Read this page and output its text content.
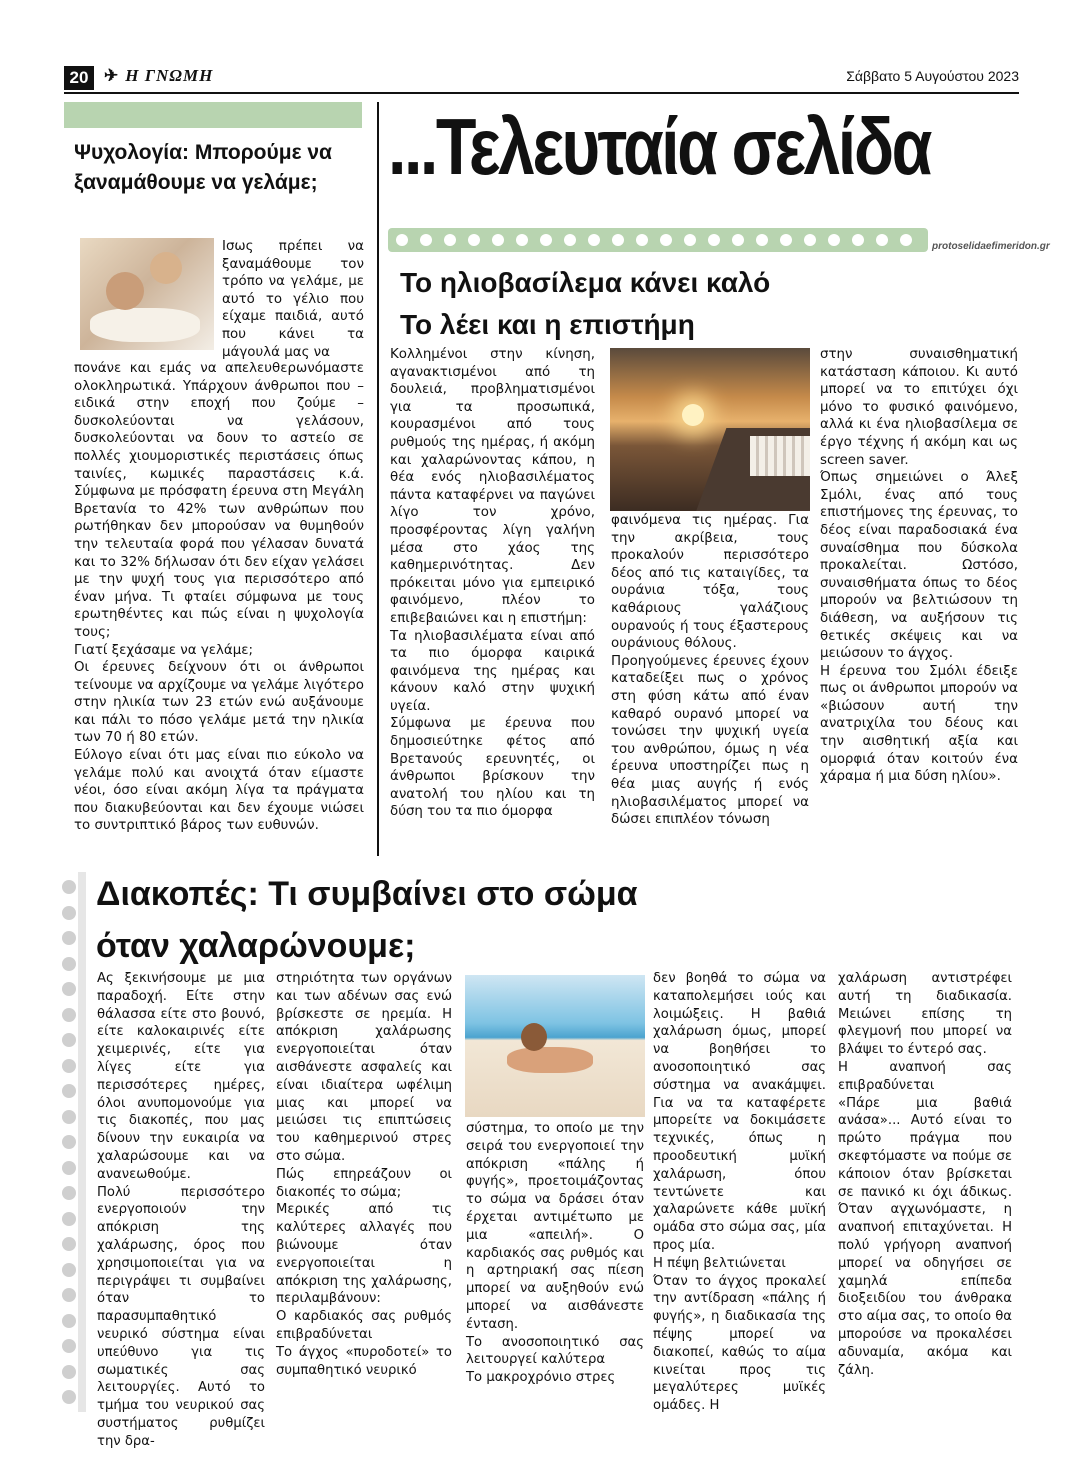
20 ✈ Η ΓΝΩΜΗ	Σάββατο 5 Αυγούστου 2023
Ψυχολογία: Μπορούμε να ξαναμάθουμε να γελάμε;
Ισως πρέπει να ξαναμάθουμε τον τρόπο να γελάμε, με αυτό το γέλιο που είχαμε παιδιά, αυτό που κάνει τα μάγουλά μας να

πονάνε και εμάς να απελευθερωνόμαστε ολοκληρωτικά. Υπάρχουν άνθρωποι που – ειδικά στην εποχή που ζούμε – δυσκολεύονται να γελάσουν, δυσκολεύονται να δουν το αστείο σε πολλές χιουμοριστικές περιστάσεις όπως ταινίες, κωμικές παραστάσεις κ.ά. Σύμφωνα με πρόσφατη έρευνα στη Μεγάλη Βρετανία το 42% των ανθρώπων που ρωτήθηκαν δεν μπορούσαν να θυμηθούν την τελευταία φορά που γέλασαν δυνατά και το 32% δήλωσαν ότι δεν είχαν γελάσει με την ψυχή τους για περισσότερο από έναν μήνα. Τι φταίει σύμφωνα με τους ερωτηθέντες και πώς είναι η ψυχολογία τους;

Γιατί ξεχάσαμε να γελάμε;

Οι έρευνες δείχνουν ότι οι άνθρωποι τείνουμε να αρχίζουμε να γελάμε λιγότερο στην ηλικία των 23 ετών ενώ αυξάνουμε και πάλι το πόσο γελάμε μετά την ηλικία των 70 ή 80 ετών.

Εύλογο είναι ότι μας είναι πιο εύκολο να γελάμε πολύ και ανοιχτά όταν είμαστε νέοι, όσο είναι ακόμη λίγα τα πράγματα που διακυβεύονται και δεν έχουμε νιώσει το συντριπτικό βάρος των ευθυνών.

...Τελευταία σελίδα
protoselidaefimeridon.gr
Το ηλιοβασίλεμα κάνει καλό
Το λέει και η επιστήμη

Κολλημένοι στην κίνηση, αγανακτισμένοι από τη δουλειά, προβληματισμένοι για τα προσωπικά, κουρασμένοι από τους ρυθμούς της ημέρας, ή ακόμη και χαλαρώνοντας κάπου, η θέα ενός ηλιοβασιλέματος πάντα καταφέρνει να παγώνει λίγο τον χρόνο, προσφέροντας λίγη γαλήνη μέσα στο χάος της καθημερινότητας. Δεν πρόκειται μόνο για εμπειρικό φαινόμενο, πλέον το επιβεβαιώνει και η επιστήμη:

Τα ηλιοβασιλέματα είναι από τα πιο όμορφα καιρικά φαινόμενα της ημέρας και κάνουν καλό στην ψυχική υγεία.

Σύμφωνα με έρευνα που δημοσιεύτηκε φέτος από Βρετανούς ερευνητές, οι άνθρωποι βρίσκουν την ανατολή του ηλίου και τη δύση του τα πιο όμορφα

φαινόμενα τις ημέρας. Για την ακρίβεια, τους προκαλούν περισσότερο δέος από τις καταιγίδες, τα ουράνια τόξα, τους καθάριους γαλάζιους ουρανούς ή τους έξαστερους ουράνιους θόλους.

Προηγούμενες έρευνες έχουν καταδείξει πως ο χρόνος στη φύση κάτω από έναν καθαρό ουρανό μπορεί να τονώσει την ψυχική υγεία του ανθρώπου, όμως η νέα έρευνα υποστηρίζει πως η θέα μιας αυγής ή ενός ηλιοβασιλέματος μπορεί να δώσει επιπλέον τόνωση

στην συναισθηματική κατάσταση κάποιου. Κι αυτό μπορεί να το επιτύχει όχι μόνο το φυσικό φαινόμενο, αλλά κι ένα ηλιοβασίλεμα σε έργο τέχνης ή ακόμη και ως screen saver.

Όπως σημειώνει ο Άλεξ Σμόλι, ένας από τους επιστήμονες της έρευνας, το δέος είναι παραδοσιακά ένα συναίσθημα που δύσκολα προκαλείται. Ωστόσο, συναισθήματα όπως το δέος μπορούν να βελτιώσουν τη διάθεση, να αυξήσουν τις θετικές σκέψεις και να μειώσουν το άγχος.

Η έρευνα του Σμόλι έδειξε πως οι άνθρωποι μπορούν να «βιώσουν αυτή την ανατριχίλα του δέους και την αισθητική αξία και ομορφιά όταν κοιτούν ένα χάραμα ή μια δύση ηλίου».

Διακοπές: Τι συμβαίνει στο σώμα
όταν χαλαρώνουμε;

Ας ξεκινήσουμε με μια παραδοχή. Είτε στην θάλασσα είτε στο βουνό, είτε καλοκαιρινές είτε χειμερινές, είτε για λίγες είτε για περισσότερες ημέρες, όλοι ανυπομονούμε για τις διακοπές, που μας δίνουν την ευκαιρία να χαλαρώσουμε και να ανανεωθούμε.

Πολύ περισσότερο ενεργοποιούν την απόκριση της χαλάρωσης, όρος που χρησιμοποιείται για να περιγράψει τι συμβαίνει όταν το παρασυμπαθητικό νευρικό σύστημα είναι υπεύθυνο για τις σωματικές σας λειτουργίες. Αυτό το τμήμα του νευρικού σας συστήματος ρυθμίζει την δρα-

στηριότητα των οργάνων και των αδένων σας ενώ βρίσκεστε σε ηρεμία. Η απόκριση χαλάρωσης ενεργοποιείται όταν αισθάνεστε ασφαλείς και είναι ιδιαίτερα ωφέλιμη μιας και μπορεί να μειώσει τις επιπτώσεις του καθημερινού στρες στο σώμα.

Πώς επηρεάζουν οι διακοπές το σώμα;

Μερικές από τις καλύτερες αλλαγές που βιώνουμε όταν ενεργοποιείται η απόκριση της χαλάρωσης, περιλαμβάνουν:

Ο καρδιακός σας ρυθμός επιβραδύνεται

Το άγχος «πυροδοτεί» το συμπαθητικό νευρικό

σύστημα, το οποίο με την σειρά του ενεργοποιεί την απόκριση «πάλης ή φυγής», προετοιμάζοντας το σώμα να δράσει όταν έρχεται αντιμέτωπο με μια «απειλή». Ο καρδιακός σας ρυθμός και η αρτηριακή σας πίεση μπορεί να αυξηθούν ενώ μπορεί να αισθάνεστε ένταση.

Το ανοσοποιητικό σας λειτουργεί καλύτερα

Το μακροχρόνιο στρες

δεν βοηθά το σώμα να καταπολεμήσει ιούς και λοιμώξεις. Η βαθιά χαλάρωση όμως, μπορεί να βοηθήσει το ανοσοποιητικό σας σύστημα να ανακάμψει. Για να τα καταφέρετε μπορείτε να δοκιμάσετε τεχνικές, όπως η προοδευτική μυϊκή χαλάρωση, όπου τεντώνετε και χαλαρώνετε κάθε μυϊκή ομάδα στο σώμα σας, μία προς μία.

Η πέψη βελτιώνεται

Όταν το άγχος προκαλεί την αντίδραση «πάλης ή φυγής», η διαδικασία της πέψης μπορεί να διακοπεί, καθώς το αίμα κινείται προς τις μεγαλύτερες μυϊκές ομάδες. Η

χαλάρωση αντιστρέφει αυτή τη διαδικασία. Μειώνει επίσης τη φλεγμονή που μπορεί να βλάψει το έντερό σας.

Η αναπνοή σας επιβραδύνεται

«Πάρε μια βαθιά ανάσα»... Αυτό είναι το πρώτο πράγμα που σκεφτόμαστε να πούμε σε κάποιον όταν βρίσκεται σε πανικό κι όχι άδικως. Όταν αγχωνόμαστε, η αναπνοή επιταχύνεται. Η πολύ γρήγορη αναπνοή μπορεί να οδηγήσει σε χαμηλά επίπεδα διοξειδίου του άνθρακα στο αίμα σας, το οποίο θα μπορούσε να προκαλέσει αδυναμία, ακόμα και ζάλη.
